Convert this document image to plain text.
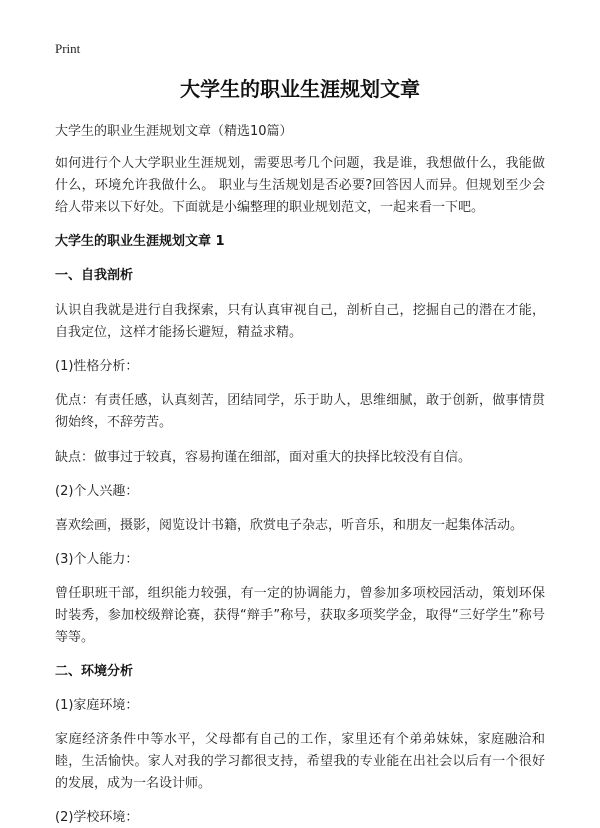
Print
大学生的职业生涯规划文章

大学生的职业生涯规划文章（精选10篇）

如何进行个人大学职业生涯规划，需要思考几个问题，我是谁，我想做什么，我能做什么，环境允许我做什么。 职业与生活规划是否必要?回答因人而异。但规划至少会给人带来以下好处。下面就是小编整理的职业规划范文，一起来看一下吧。

大学生的职业生涯规划文章 1

一、自我剖析

认识自我就是进行自我探索，只有认真审视自己，剖析自己，挖掘自己的潜在才能，自我定位，这样才能扬长避短，精益求精。

(1)性格分析：

优点：有责任感，认真刻苦，团结同学，乐于助人，思维细腻，敢于创新，做事情贯彻始终，不辞劳苦。

缺点：做事过于较真，容易拘谨在细部，面对重大的抉择比较没有自信。

(2)个人兴趣：

喜欢绘画，摄影，阅览设计书籍，欣赏电子杂志，听音乐，和朋友一起集体活动。

(3)个人能力：

曾任职班干部，组织能力较强，有一定的协调能力，曾参加多项校园活动，策划环保时装秀，参加校级辩论赛，获得“辩手”称号，获取多项奖学金，取得“三好学生”称号等等。

二、环境分析

(1)家庭环境：

家庭经济条件中等水平，父母都有自己的工作，家里还有个弟弟妹妹，家庭融洽和睦，生活愉快。家人对我的学习都很支持，希望我的专业能在出社会以后有一个很好的发展，成为一名设计师。

(2)学校环境：
